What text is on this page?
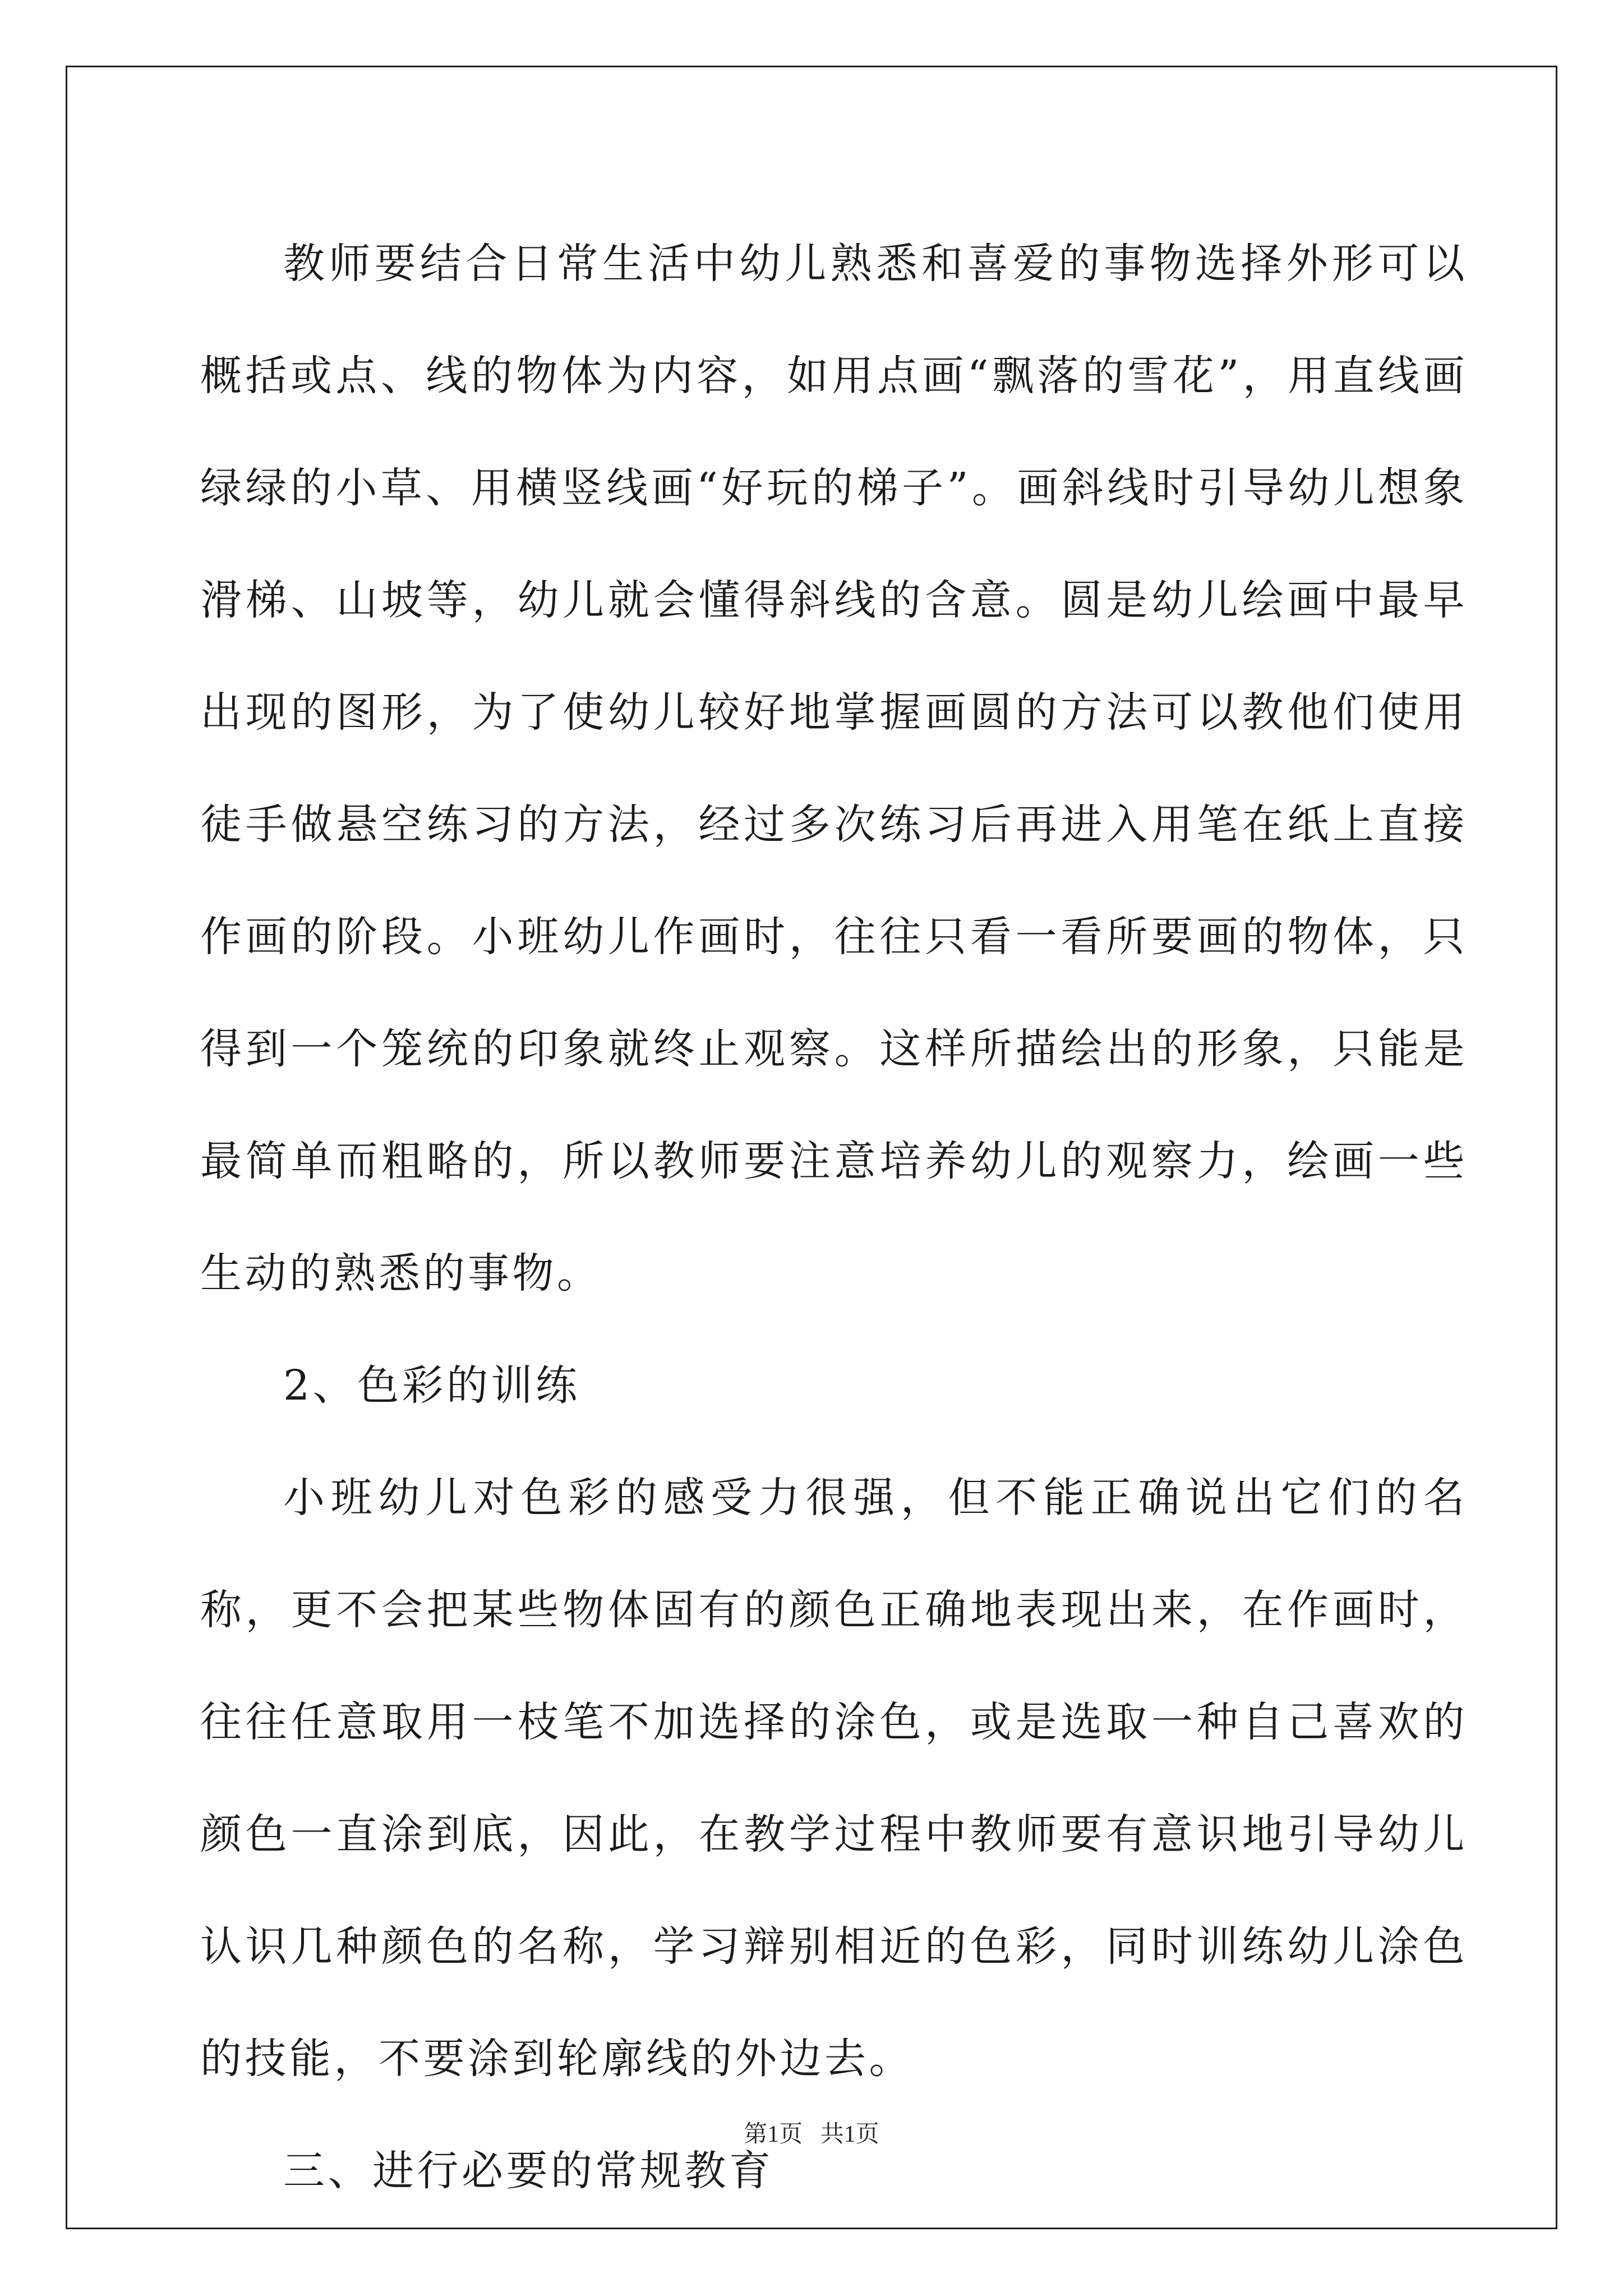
教师要结合日常生活中幼儿熟悉和喜爱的事物选择外形可以概括或点、线的物体为内容，如用点画“飘落的雪花”，用直线画绿绿的小草、用横竖线画“好玩的梯子”。画斜线时引导幼儿想象滑梯、山坡等，幼儿就会懂得斜线的含意。圆是幼儿绘画中最早出现的图形，为了使幼儿较好地掌握画圆的方法可以教他们使用徒手做悬空练习的方法，经过多次练习后再进入用笔在纸上直接作画的阶段。小班幼儿作画时，往往只看一看所要画的物体，只得到一个笼统的印象就终止观察。这样所描绘出的形象，只能是最简单而粗略的，所以教师要注意培养幼儿的观察力，绘画一些生动的熟悉的事物。

2、色彩的训练

小班幼儿对色彩的感受力很强，但不能正确说出它们的名称，更不会把某些物体固有的颜色正确地表现出来，在作画时，往往任意取用一枝笔不加选择的涂色，或是选取一种自己喜欢的颜色一直涂到底，因此，在教学过程中教师要有意识地引导幼儿认识几种颜色的名称，学习辩别相近的色彩，同时训练幼儿涂色的技能，不要涂到轮廓线的外边去。

三、进行必要的常规教育

第1页 共1页
